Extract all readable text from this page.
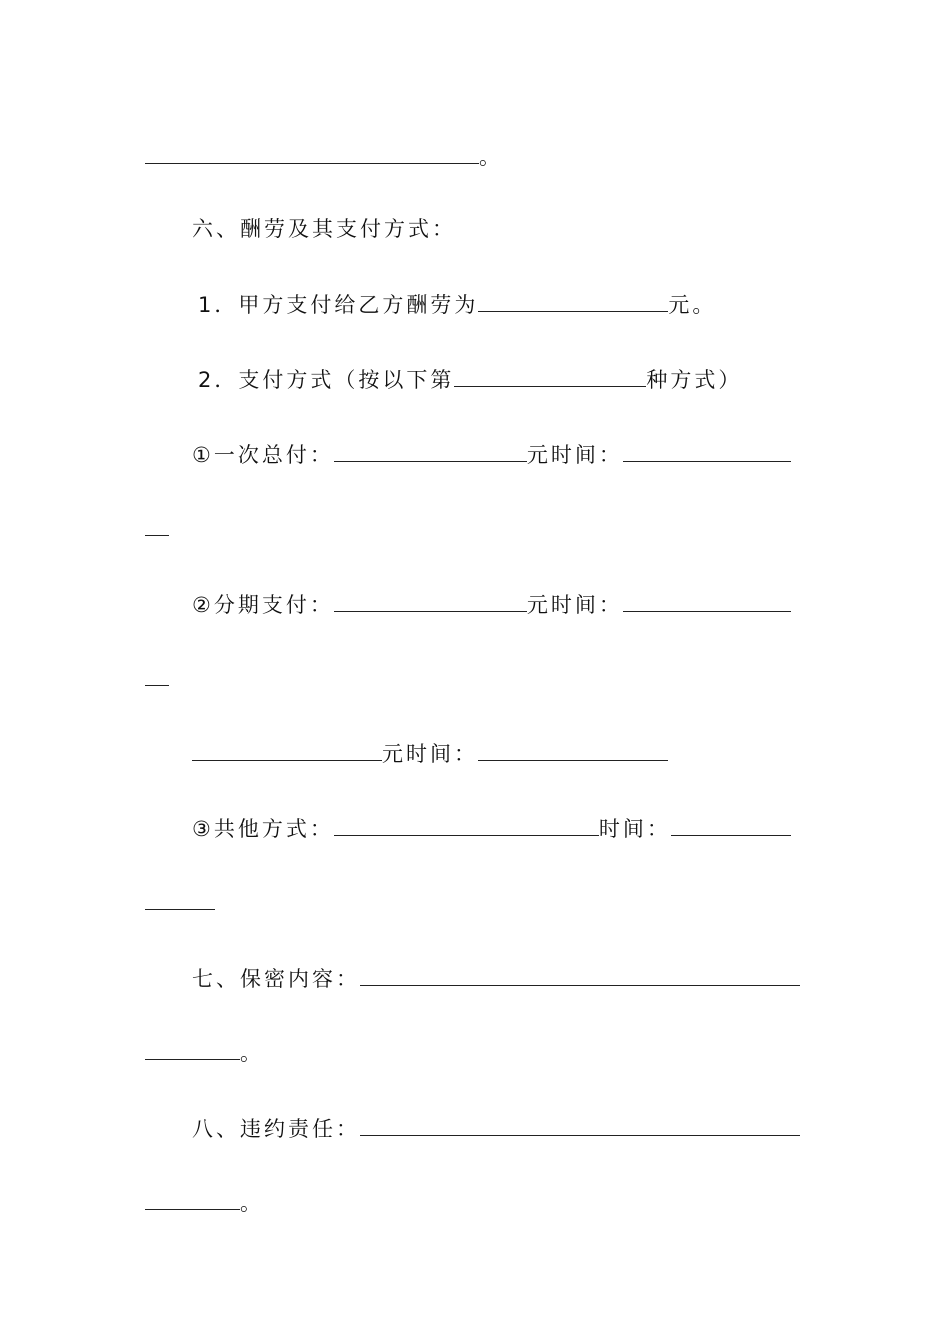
。
六、酬劳及其支付方式：
1．甲方支付给乙方酬劳为	元。
2．支付方式（按以下第	种方式）
①一次总付：	元时间：
②分期支付：	元时间：
元时间：
③共他方式：	时间：
七、保密内容：
。
八、违约责任：
。
